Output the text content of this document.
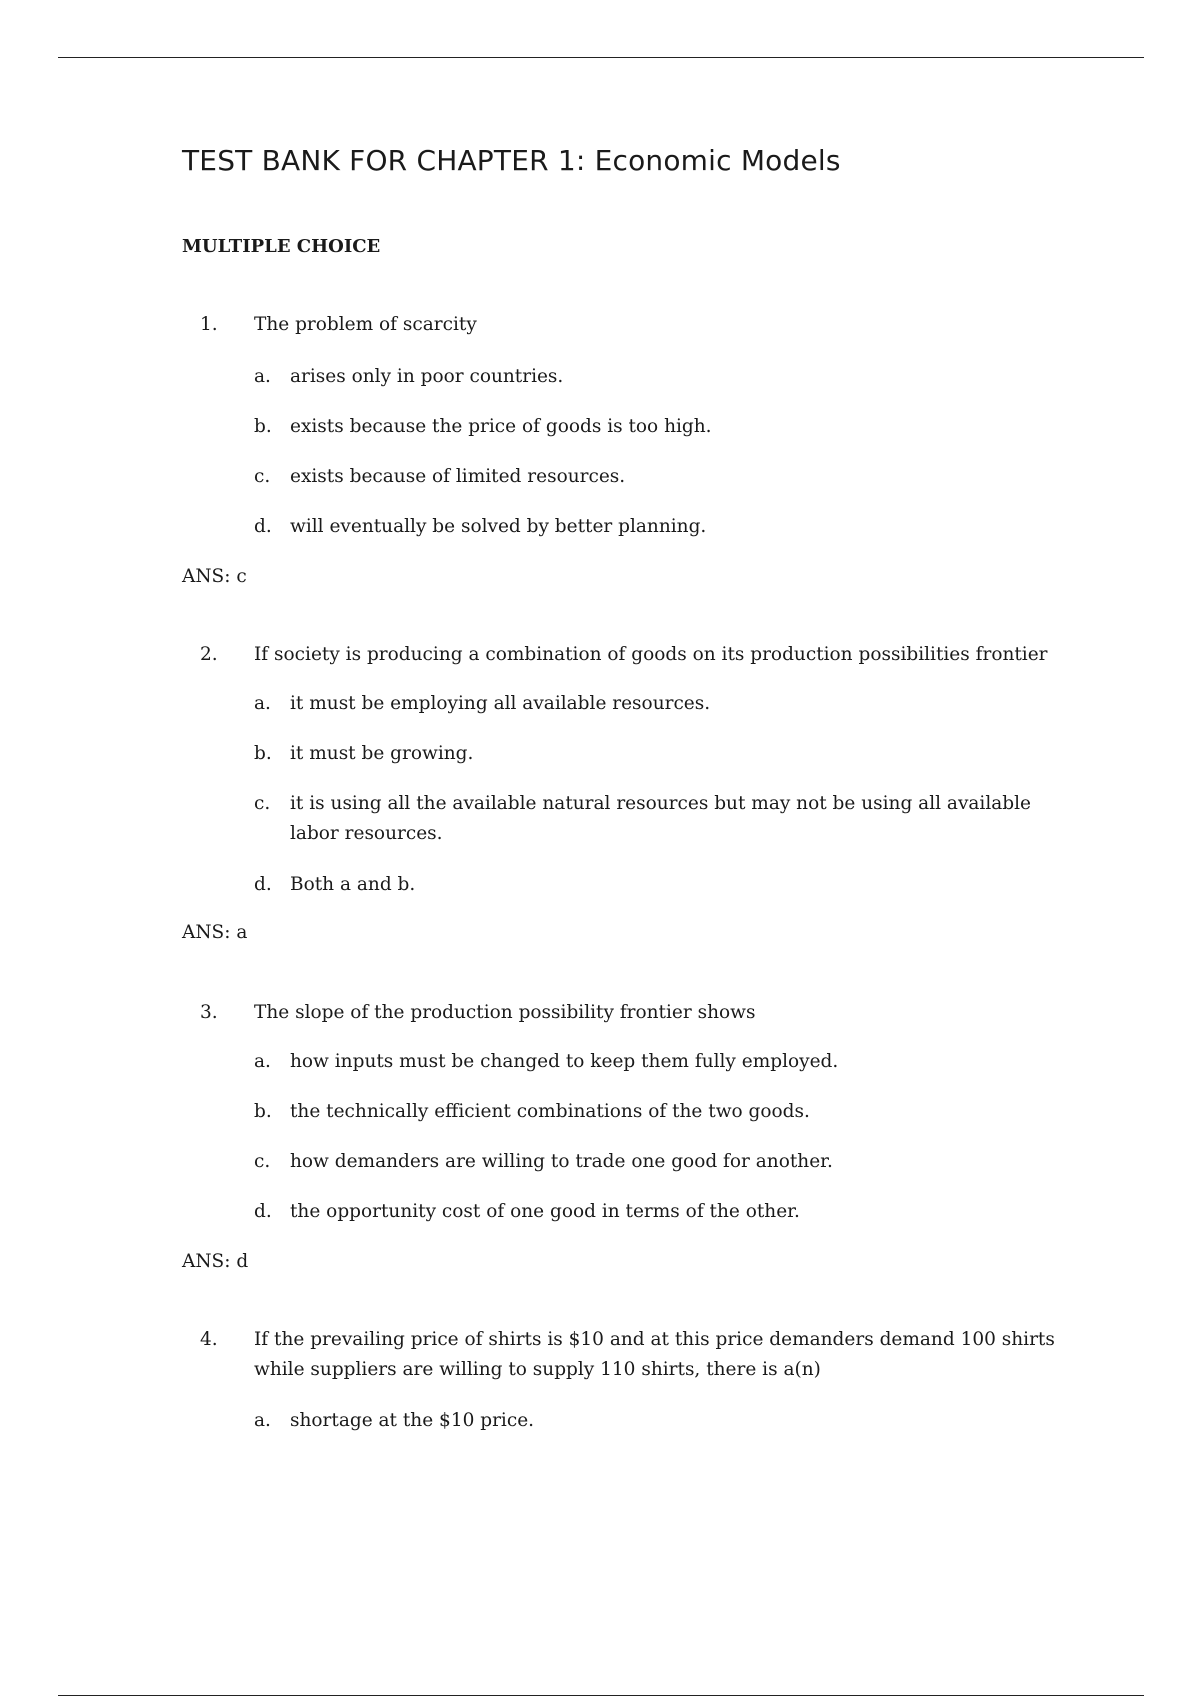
TEST BANK FOR CHAPTER 1: Economic Models
MULTIPLE CHOICE
1. The problem of scarcity
a. arises only in poor countries.
b. exists because the price of goods is too high.
c. exists because of limited resources.
d. will eventually be solved by better planning.
ANS: c
2. If society is producing a combination of goods on its production possibilities frontier
a. it must be employing all available resources.
b. it must be growing.
c. it is using all the available natural resources but may not be using all available labor resources.
d. Both a and b.
ANS: a
3. The slope of the production possibility frontier shows
a. how inputs must be changed to keep them fully employed.
b. the technically efficient combinations of the two goods.
c. how demanders are willing to trade one good for another.
d. the opportunity cost of one good in terms of the other.
ANS: d
4. If the prevailing price of shirts is $10 and at this price demanders demand 100 shirts while suppliers are willing to supply 110 shirts, there is a(n)
a. shortage at the $10 price.
